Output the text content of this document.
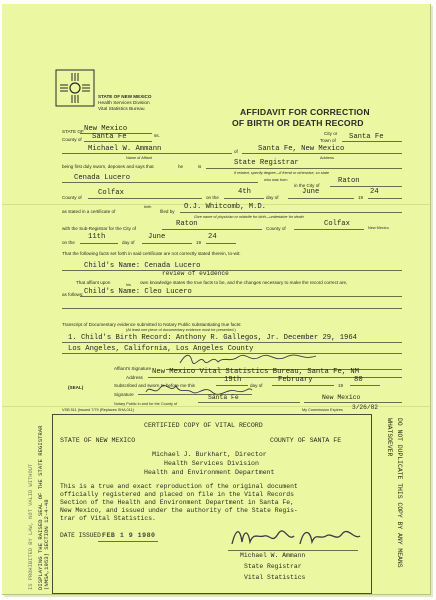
STATE OF NEW MEXICO
Health Services Division
Vital Statistics Bureau	AFFIDAVIT FOR CORRECTION
OF BIRTH OR DEATH RECORD
STATE OF New Mexico
County of Santa Fe	ss.	City or
Town of Santa Fe
Michael W. Ammann	of	Santa Fe, New Mexico
Name of Affiant	Address
being first duly sworn, deposes and says that	he	is	State Registrar
If related, specify degree—if friend or otherwise, so state
Cenada Lucero	who was born
in the City of
Raton
County of
Colfax
on the
4th
day of
June
19
24
as stated in a certificate of
birth
filed by
O.J. Whitcomb, M.D.
Give name of physician or midwife for birth—undertaker for death
with the Sub-Registrar for the City of
Raton
County of
Colfax	New Mexico
on the
11th
day of
June
19
24
That the following facts set forth in said certificate are not correctly stated therein, to-wit:
Child's Name: Cenada Lucero
review of evidence
That affiant upon	his own knowledge states the true facts to be, and the changes necessary to make the record correct are,
as follows: Child's Name: Cleo Lucero
Transcript of Documentary evidence submitted to Notary Public substantiating true facts:
(At least one piece of documentary evidence must be presented.)
1. Child's Birth Record: Anthony R. Gallegos, Jr. December 29, 1964
Los Angeles, California, Los Angeles County
Affiant's Signature
Address
New Mexico Vital Statistics Bureau, Santa Fe, NM
(SEAL)	Subscribed and sworn to before me this
19th
day of
February
19
80
Signature
Notary Public in and for the County of
Santa Fe	New Mexico
My Commission Expires 3/26/82
VSB 511 (Issued 7/79 (Replaces SHA 011)
CERTIFIED COPY OF VITAL RECORD
STATE OF NEW MEXICO	COUNTY OF SANTA FE
Michael J. Burkhart, Director
Health Services Division
Health and Environment Department
This is a true and exact reproduction of the original document
officially registered and placed on file in the Vital Records
Section of the Health and Environment Department in Santa Fe,
New Mexico, and issued under the authority of the State Regis-
trar of Vital Statistics.
DATE ISSUED:
FEB 1 9 1980
Michael W. Ammann
State Registrar
Vital Statistics
IS PROHIBITED BY LAW, NOT VALID WITHOUT DISPLAYING THE RAISED SEAL OF THE STATE REGISTRAR (NMSA,1953) SECTION 12-4-48	DO NOT DUPLICATE THIS COPY BY ANY MEANS WHATSOEVER
